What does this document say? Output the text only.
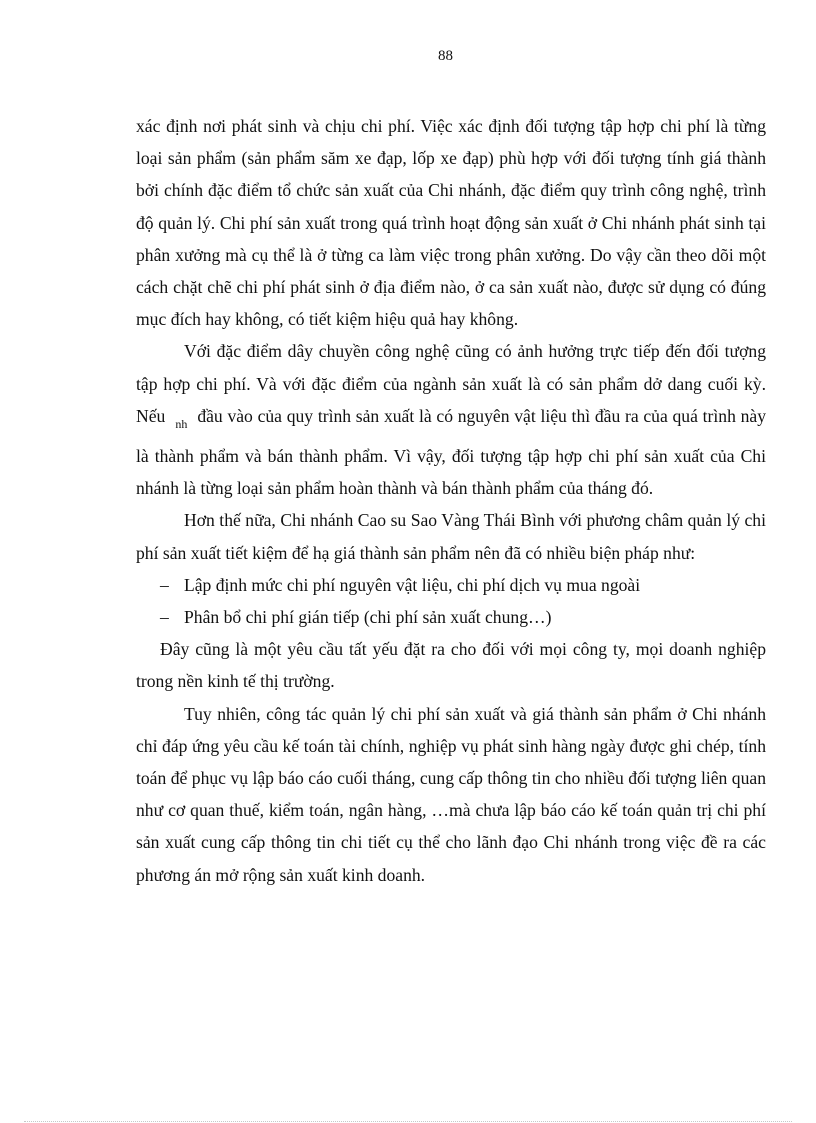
88

xác định nơi phát sinh và chịu chi phí. Việc xác định đối tượng tập hợp chi phí là từng loại sản phẩm (sản phẩm săm xe đạp, lốp xe đạp) phù hợp với đối tượng tính giá thành bởi chính đặc điểm tổ chức sản xuất của Chi nhánh, đặc điểm quy trình công nghệ, trình độ quản lý. Chi phí sản xuất trong quá trình hoạt động sản xuất ở Chi nhánh phát sinh tại phân xưởng mà cụ thể là ở từng ca làm việc trong phân xưởng. Do vậy cần theo dõi một cách chặt chẽ chi phí phát sinh ở địa điểm nào, ở ca sản xuất nào, được sử dụng có đúng mục đích hay không, có tiết kiệm hiệu quả hay không.

Với đặc điểm dây chuyền công nghệ cũng có ảnh hưởng trực tiếp đến đối tượng tập hợp chi phí. Và với đặc điểm của ngành sản xuất là có sản phẩm dở dang cuối kỳ. Nếu $_{nh}$ đầu vào của quy trình sản xuất là có nguyên vật liệu thì đầu ra của quá trình này là thành phẩm và bán thành phẩm. Vì vậy, đối tượng tập hợp chi phí sản xuất của Chi nhánh là từng loại sản phẩm hoàn thành và bán thành phẩm của tháng đó.

Hơn thế nữa, Chi nhánh Cao su Sao Vàng Thái Bình với phương châm quản lý chi phí sản xuất tiết kiệm để hạ giá thành sản phẩm nên đã có nhiều biện pháp như:

– Lập định mức chi phí nguyên vật liệu, chi phí dịch vụ mua ngoài
– Phân bổ chi phí gián tiếp (chi phí sản xuất chung…)

Đây cũng là một yêu cầu tất yếu đặt ra cho đối với mọi công ty, mọi doanh nghiệp trong nền kinh tế thị trường.

Tuy nhiên, công tác quản lý chi phí sản xuất và giá thành sản phẩm ở Chi nhánh chỉ đáp ứng yêu cầu kế toán tài chính, nghiệp vụ phát sinh hàng ngày được ghi chép, tính toán để phục vụ lập báo cáo cuối tháng, cung cấp thông tin cho nhiều đối tượng liên quan như cơ quan thuế, kiểm toán, ngân hàng, …mà chưa lập báo cáo kế toán quản trị chi phí sản xuất cung cấp thông tin chi tiết cụ thể cho lãnh đạo Chi nhánh trong việc đề ra các phương án mở rộng sản xuất kinh doanh.
